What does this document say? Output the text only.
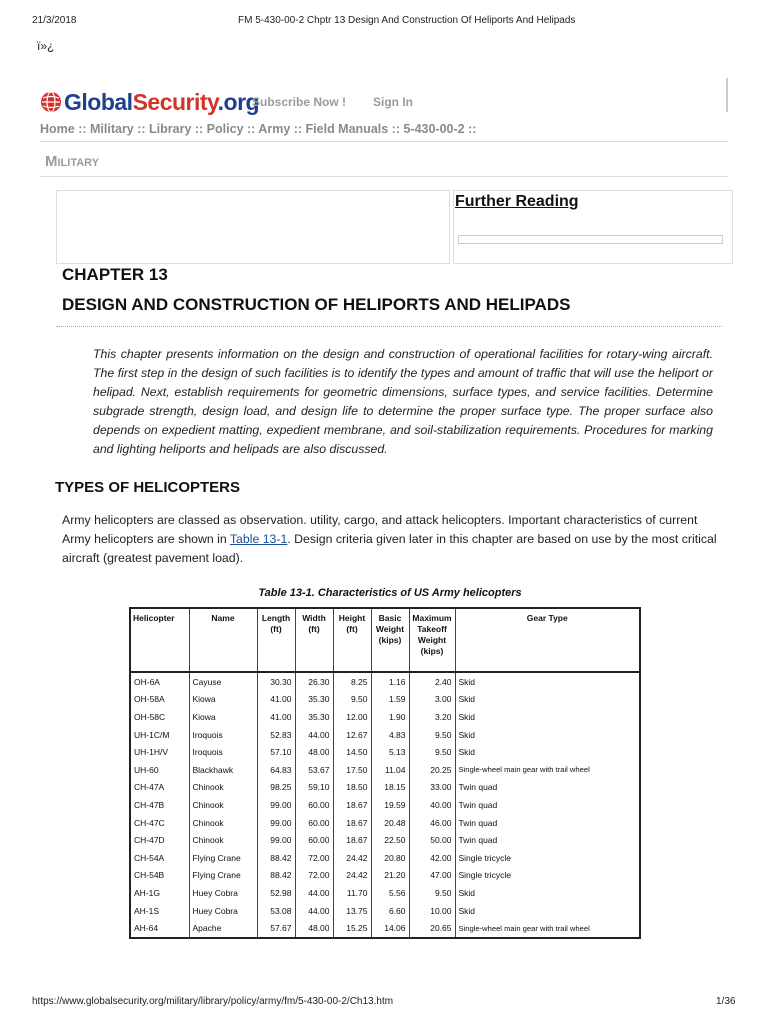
21/3/2018	FM 5-430-00-2 Chptr 13 Design And Construction Of Heliports And Helipads
ï»¿
GlobalSecurity.org
Subscribe Now ! Sign In
Home :: Military :: Library :: Policy :: Army :: Field Manuals :: 5-430-00-2 ::
Military
Further Reading
CHAPTER 13
DESIGN AND CONSTRUCTION OF HELIPORTS AND HELIPADS
This chapter presents information on the design and construction of operational facilities for rotary-wing aircraft. The first step in the design of such facilities is to identify the types and amount of traffic that will use the heliport or helipad. Next, establish requirements for geometric dimensions, surface types, and service facilities. Determine subgrade strength, design load, and design life to determine the proper surface type. The proper surface also depends on expedient matting, expedient membrane, and soil-stabilization requirements. Procedures for marking and lighting heliports and helipads are also discussed.
TYPES OF HELICOPTERS
Army helicopters are classed as observation. utility, cargo, and attack helicopters. Important characteristics of current Army helicopters are shown in Table 13-1. Design criteria given later in this chapter are based on use by the most critical aircraft (greatest pavement load).
Table 13-1. Characteristics of US Army helicopters
Helicopter	Name	Length (ft)	Width (ft)	Height (ft)	Basic Weight (kips)	Maximum Takeoff Weight (kips)	Gear Type
OH-6A	Cayuse	30.30	26.30	8.25	1.16	2.40	Skid
OH-58A	Kiowa	41.00	35.30	9.50	1.59	3.00	Skid
OH-58C	Kiowa	41.00	35.30	12.00	1.90	3.20	Skid
UH-1C/M	Iroquois	52.83	44.00	12.67	4.83	9.50	Skid
UH-1H/V	Iroquois	57.10	48.00	14.50	5.13	9.50	Skid
UH-60	Blackhawk	64.83	53.67	17.50	11.04	20.25	Single-wheel main gear with trail wheel
CH-47A	Chinook	98.25	59.10	18.50	18.15	33.00	Twin quad
CH-47B	Chinook	99.00	60.00	18.67	19.59	40.00	Twin quad
CH-47C	Chinook	99.00	60.00	18.67	20.48	46.00	Twin quad
CH-47D	Chinook	99.00	60.00	18.67	22.50	50.00	Twin quad
CH-54A	Flying Crane	88.42	72.00	24.42	20.80	42.00	Single tricycle
CH-54B	Flying Crane	88.42	72.00	24.42	21.20	47.00	Single tricycle
AH-1G	Huey Cobra	52.98	44.00	11.70	5.56	9.50	Skid
AH-1S	Huey Cobra	53.08	44.00	13.75	6.60	10.00	Skid
AH-64	Apache	57.67	48.00	15.25	14.06	20.65	Single-wheel main gear with trail wheel
https://www.globalsecurity.org/military/library/policy/army/fm/5-430-00-2/Ch13.htm	1/36
